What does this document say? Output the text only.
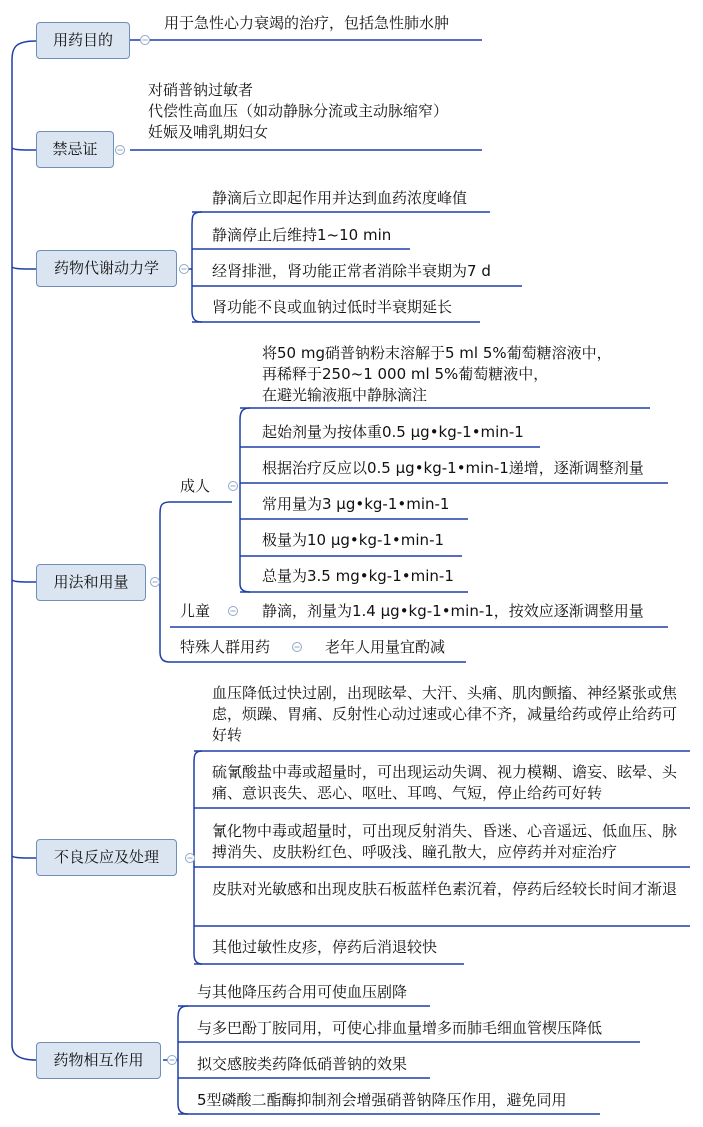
用药目的
禁忌证
药物代谢动力学
用法和用量
不良反应及处理
药物相互作用
用于急性心力衰竭的治疗，包括急性肺水肿
对硝普钠过敏者
代偿性高血压（如动静脉分流或主动脉缩窄）
妊娠及哺乳期妇女
静滴后立即起作用并达到血药浓度峰值
静滴停止后维持1~10 min
经肾排泄，肾功能正常者消除半衰期为7 d
肾功能不良或血钠过低时半衰期延长
成人
儿童
特殊人群用药
将50 mg硝普钠粉末溶解于5 ml 5%葡萄糖溶液中，
再稀释于250~1 000 ml 5%葡萄糖液中，
在避光输液瓶中静脉滴注
起始剂量为按体重0.5 μg•kg-1•min-1
根据治疗反应以0.5 μg•kg-1•min-1递增，逐渐调整剂量
常用量为3 μg•kg-1•min-1
极量为10 μg•kg-1•min-1
总量为3.5 mg•kg-1•min-1
静滴，剂量为1.4 μg•kg-1•min-1，按效应逐渐调整用量
老年人用量宜酌减
血压降低过快过剧，出现眩晕、大汗、头痛、肌肉颤搐、神经紧张或焦虑，烦躁、胃痛、反射性心动过速或心律不齐，减量给药或停止给药可好转
硫氰酸盐中毒或超量时，可出现运动失调、视力模糊、谵妄、眩晕、头痛、意识丧失、恶心、呕吐、耳鸣、气短，停止给药可好转
氰化物中毒或超量时，可出现反射消失、昏迷、心音遥远、低血压、脉搏消失、皮肤粉红色、呼吸浅、瞳孔散大，应停药并对症治疗
皮肤对光敏感和出现皮肤石板蓝样色素沉着，停药后经较长时间才渐退
其他过敏性皮疹，停药后消退较快
与其他降压药合用可使血压剧降
与多巴酚丁胺同用，可使心排血量增多而肺毛细血管楔压降低
拟交感胺类药降低硝普钠的效果
5型磷酸二酯酶抑制剂会增强硝普钠降压作用，避免同用
